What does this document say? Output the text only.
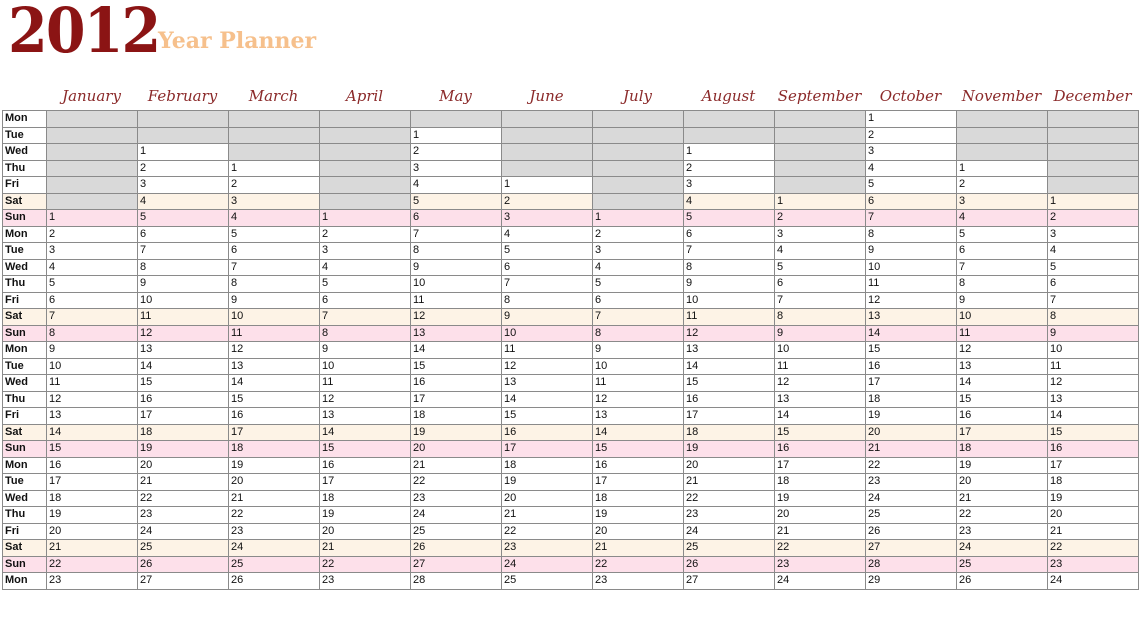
2012
Year Planner
January	February	March	April	May	June	July	August	September	October	November December
Mon										1		
Tue					1					2		
Wed		1			2			1		3		
Thu		2	1		3			2		4	1	
Fri		3	2		4	1		3		5	2	
Sat		4	3		5	2		4	1	6	3	1
Sun	1	5	4	1	6	3	1	5	2	7	4	2
Mon	2	6	5	2	7	4	2	6	3	8	5	3
Tue	3	7	6	3	8	5	3	7	4	9	6	4
Wed	4	8	7	4	9	6	4	8	5	10	7	5
Thu	5	9	8	5	10	7	5	9	6	11	8	6
Fri	6	10	9	6	11	8	6	10	7	12	9	7
Sat	7	11	10	7	12	9	7	11	8	13	10	8
Sun	8	12	11	8	13	10	8	12	9	14	11	9
Mon	9	13	12	9	14	11	9	13	10	15	12	10
Tue	10	14	13	10	15	12	10	14	11	16	13	11
Wed	11	15	14	11	16	13	11	15	12	17	14	12
Thu	12	16	15	12	17	14	12	16	13	18	15	13
Fri	13	17	16	13	18	15	13	17	14	19	16	14
Sat	14	18	17	14	19	16	14	18	15	20	17	15
Sun	15	19	18	15	20	17	15	19	16	21	18	16
Mon	16	20	19	16	21	18	16	20	17	22	19	17
Tue	17	21	20	17	22	19	17	21	18	23	20	18
Wed	18	22	21	18	23	20	18	22	19	24	21	19
Thu	19	23	22	19	24	21	19	23	20	25	22	20
Fri	20	24	23	20	25	22	20	24	21	26	23	21
Sat	21	25	24	21	26	23	21	25	22	27	24	22
Sun	22	26	25	22	27	24	22	26	23	28	25	23
Mon	23	27	26	23	28	25	23	27	24	29	26	24
